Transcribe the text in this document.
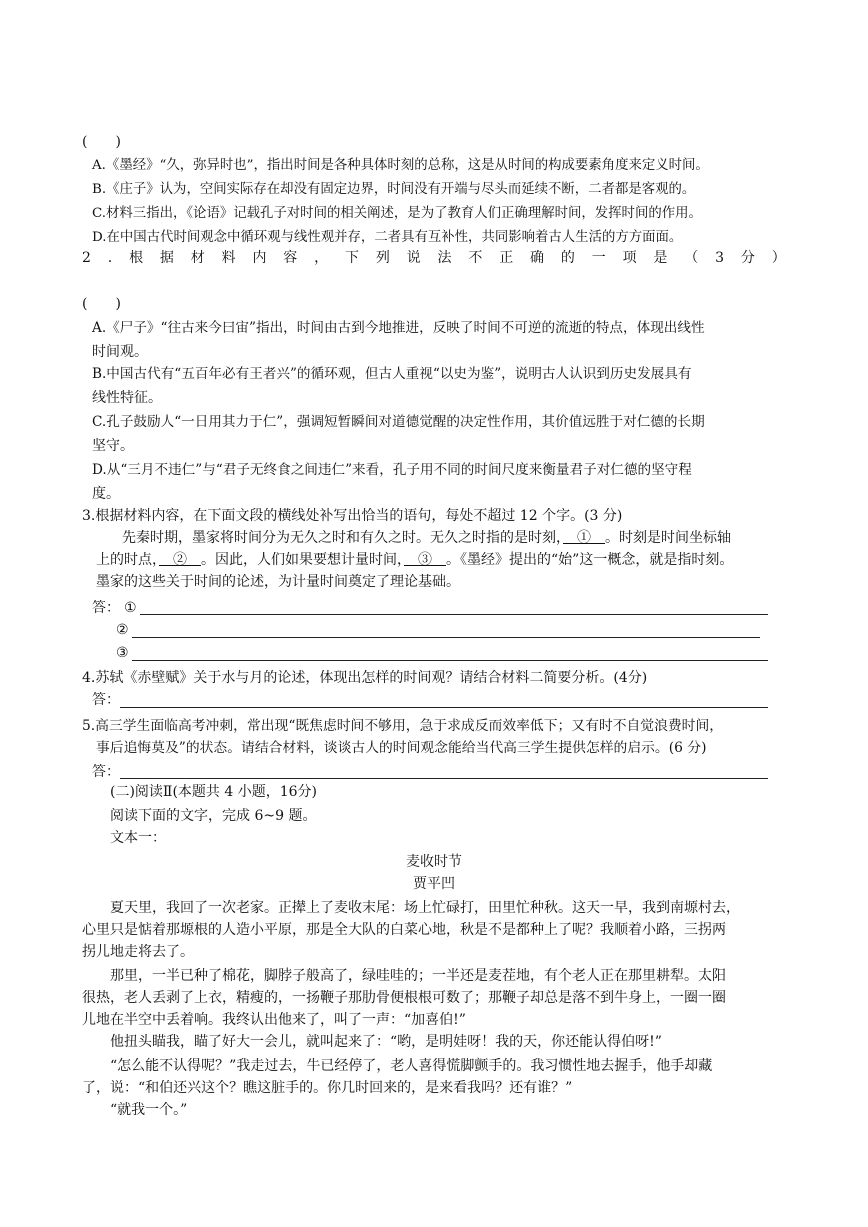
(　　)
A.《墨经》“久，弥异时也”，指出时间是各种具体时刻的总称，这是从时间的构成要素角度来定义时间。
B.《庄子》认为，空间实际存在却没有固定边界，时间没有开端与尽头而延续不断，二者都是客观的。
C.材料三指出，《论语》记载孔子对时间的相关阐述，是为了教育人们正确理解时间，发挥时间的作用。
D.在中国古代时间观念中循环观与线性观并存，二者具有互补性，共同影响着古人生活的方方面面。
2 . 根 据 材 料 内 容 ， 下 列 说 法 不 正 确 的 一 项 是 （ 3 分 ）
(　　)
A.《尸子》“往古来今曰宙”指出，时间由古到今地推进，反映了时间不可逆的流逝的特点，体现出线性
时间观。
B.中国古代有“五百年必有王者兴”的循环观，但古人重视“以史为鉴”，说明古人认识到历史发展具有
线性特征。
C.孔子鼓励人“一日用其力于仁”，强调短暂瞬间对道德觉醒的决定性作用，其价值远胜于对仁德的长期
坚守。
D.从“三月不违仁”与“君子无终食之间违仁”来看，孔子用不同的时间尺度来衡量君子对仁德的坚守程
度。
3.根据材料内容，在下面文段的横线处补写出恰当的语句，每处不超过 12 个字。(3 分)
先秦时期，墨家将时间分为无久之时和有久之时。无久之时指的是时刻，　 ①　 。时刻是时间坐标轴
上的时点，　 ②　 。因此，人们如果要想计量时间，　 ③　 。《墨经》提出的“始”这一概念，就是指时刻。
墨家的这些关于时间的论述，为计量时间奠定了理论基础。
答： ①
②
③
4.苏轼《赤壁赋》关于水与月的论述，体现出怎样的时间观？请结合材料二简要分析。(4分)
答：
5.高三学生面临高考冲刺，常出现“既焦虑时间不够用，急于求成反而效率低下；又有时不自觉浪费时间，
事后追悔莫及”的状态。请结合材料，谈谈古人的时间观念能给当代高三学生提供怎样的启示。(6 分)
答：
(二)阅读Ⅱ(本题共 4 小题，16分)
阅读下面的文字，完成 6~9 题。
文本一：
麦收时节
贾平凹
夏天里，我回了一次老家。正撵上了麦收末尾：场上忙碌打，田里忙种秋。这天一早，我到南塬村去，
心里只是惦着那塬根的人造小平原，那是全大队的白菜心地，秋是不是都种上了呢？我顺着小路，三拐两
拐儿地走将去了。
那里，一半已种了棉花，脚脖子般高了，绿哇哇的；一半还是麦茬地，有个老人正在那里耕犁。太阳
很热，老人丢剥了上衣，精瘦的，一扬鞭子那肋骨便根根可数了；那鞭子却总是落不到牛身上，一圈一圈
儿地在半空中丢着响。我终认出他来了，叫了一声：“加喜伯!”
他扭头瞄我，瞄了好大一会儿，就叫起来了：“哟，是明娃呀！我的天，你还能认得伯呀!”
“怎么能不认得呢？”我走过去，牛已经停了，老人喜得慌脚颤手的。我习惯性地去握手，他手却藏
了，说：“和伯还兴这个？瞧这脏手的。你几时回来的，是来看我吗？还有谁？”
“就我一个。”
